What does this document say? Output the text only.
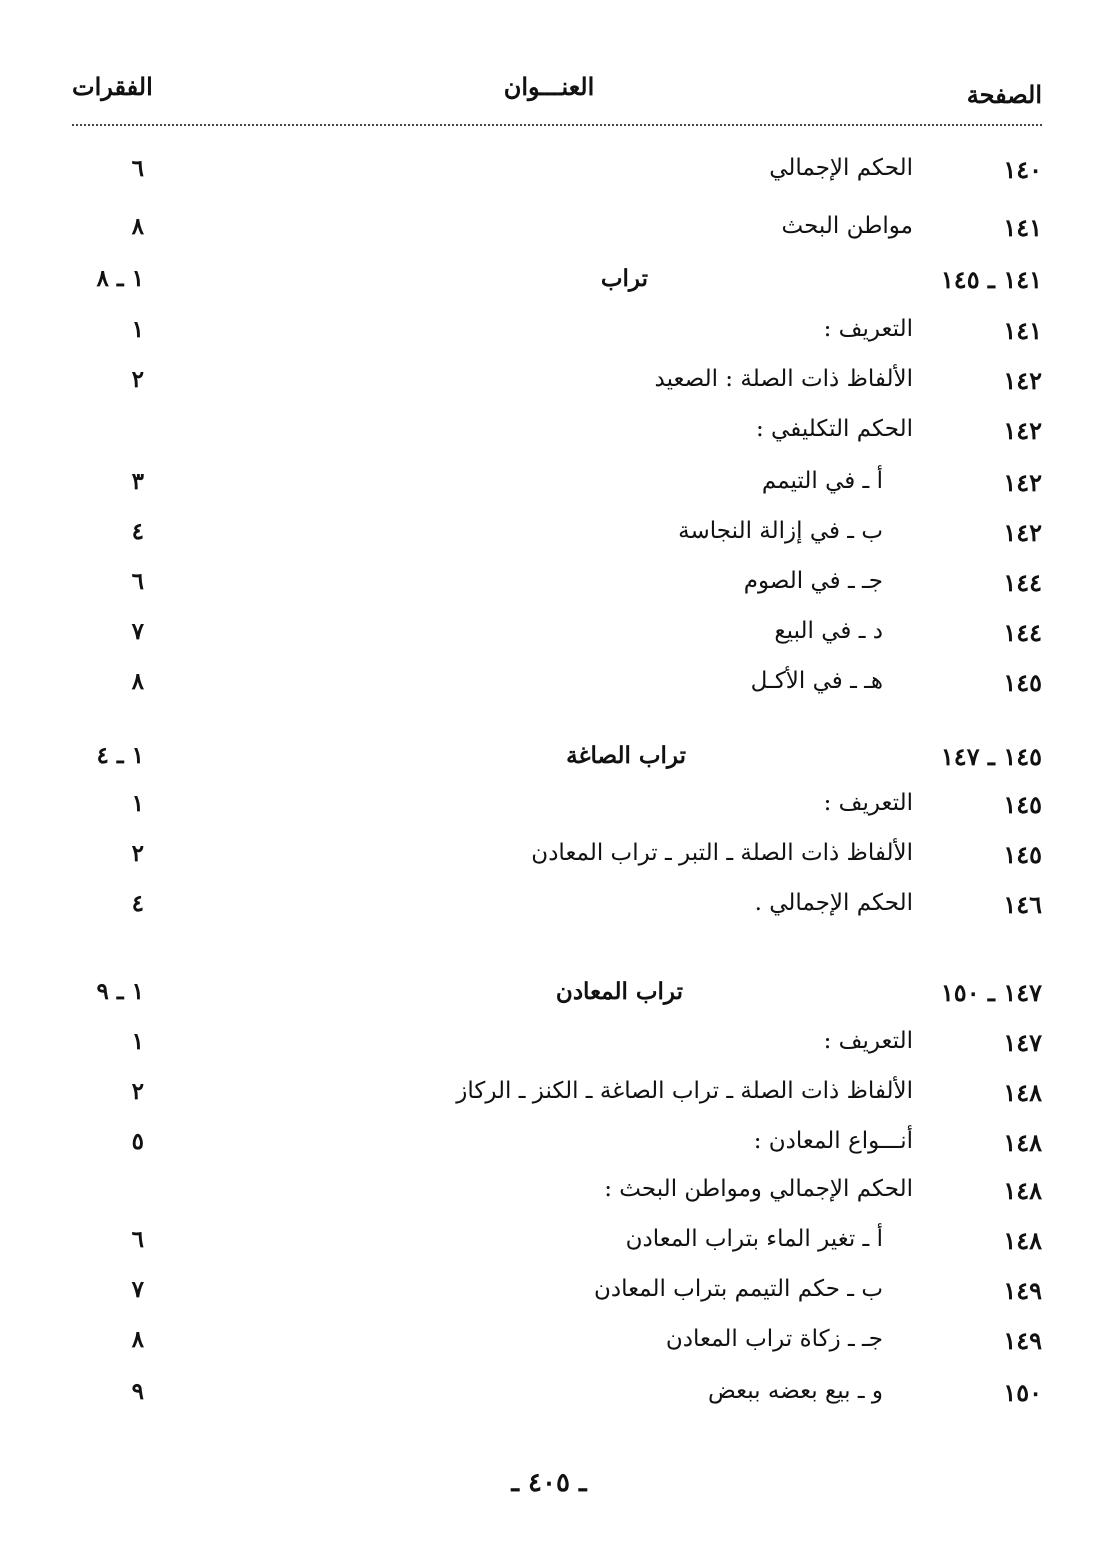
الصفحة
العنـــوان
الفقرات
١٤٠
الحكم الإجمالي
٦
١٤١
مواطن البحث
٨
١٤١ ـ ١٤٥
تراب
١ ـ ٨
١٤١
التعريف :
١
١٤٢
الألفاظ ذات الصلة : الصعيد
٢
١٤٢
الحكم التكليفي :
١٤٢
أ ـ في التيمم
٣
١٤٢
ب ـ في إزالة النجاسة
٤
١٤٤
جـ ـ في الصوم
٦
١٤٤
د ـ في البيع
٧
١٤٥
هـ ـ في الأكـل
٨
١٤٥ ـ ١٤٧
تراب الصاغة
١ ـ ٤
١٤٥
التعريف :
١
١٤٥
الألفاظ ذات الصلة ـ التبر ـ تراب المعادن
٢
١٤٦
الحكم الإجمالي .
٤
١٤٧ ـ ١٥٠
تراب المعادن
١ ـ ٩
١٤٧
التعريف :
١
١٤٨
الألفاظ ذات الصلة ـ تراب الصاغة ـ الكنز ـ الركاز
٢
١٤٨
أنـــواع المعادن :
٥
١٤٨
الحكم الإجمالي ومواطن البحث :
١٤٨
أ ـ تغير الماء بتراب المعادن
٦
١٤٩
ب ـ حكم التيمم بتراب المعادن
٧
١٤٩
جـ ـ زكاة تراب المعادن
٨
١٥٠
و ـ بيع بعضه ببعض
٩
ـ ٤٠٥ ـ
